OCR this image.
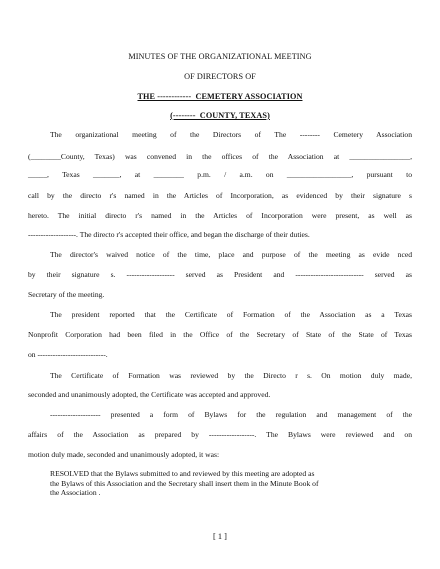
MINUTES OF THE ORGANIZATIONAL MEETING
OF DIRECTORS OF
THE ------------  CEMETERY ASSOCIATION
(--------  COUNTY, TEXAS)
The organizational meeting of the Directors of The -------- Cemetery Association
(________County, Texas) was convened in the offices of the Association at ________________,
_____, Texas _______, at ________ p.m. / a.m. on _________________, pursuant to
call by the directo r's named in the Articles of Incorporation, as evidenced by their signature s
hereto. The initial directo r's named in the Articles of Incorporation were present, as well as
-------------------. The directo r's accepted their office, and began the discharge of their duties.
The director's waived notice of the time, place and purpose of the meeting as evide nced
by their signature s. ------------------- served as President and --------------------------- served as
Secretary of the meeting.
The president reported that the Certificate of Formation of the Association as a Texas
Nonprofit Corporation had been filed in the Office of the Secretary of State of the State of Texas
on ---------------------------.
The Certificate of Formation was reviewed by the Directo r s. On motion duly made,
seconded and unanimously adopted, the Certificate was accepted and approved.
-------------------- presented a form of Bylaws for the regulation and management of the
affairs of the Association as prepared by ------------------. The Bylaws were reviewed and on
motion duly made, seconded and unanimously adopted, it was:
RESOLVED that the Bylaws submitted to and reviewed by this meeting are adopted as
the Bylaws of this Association and the Secretary shall insert them in the Minute Book of
the Association .
[ 1 ]
